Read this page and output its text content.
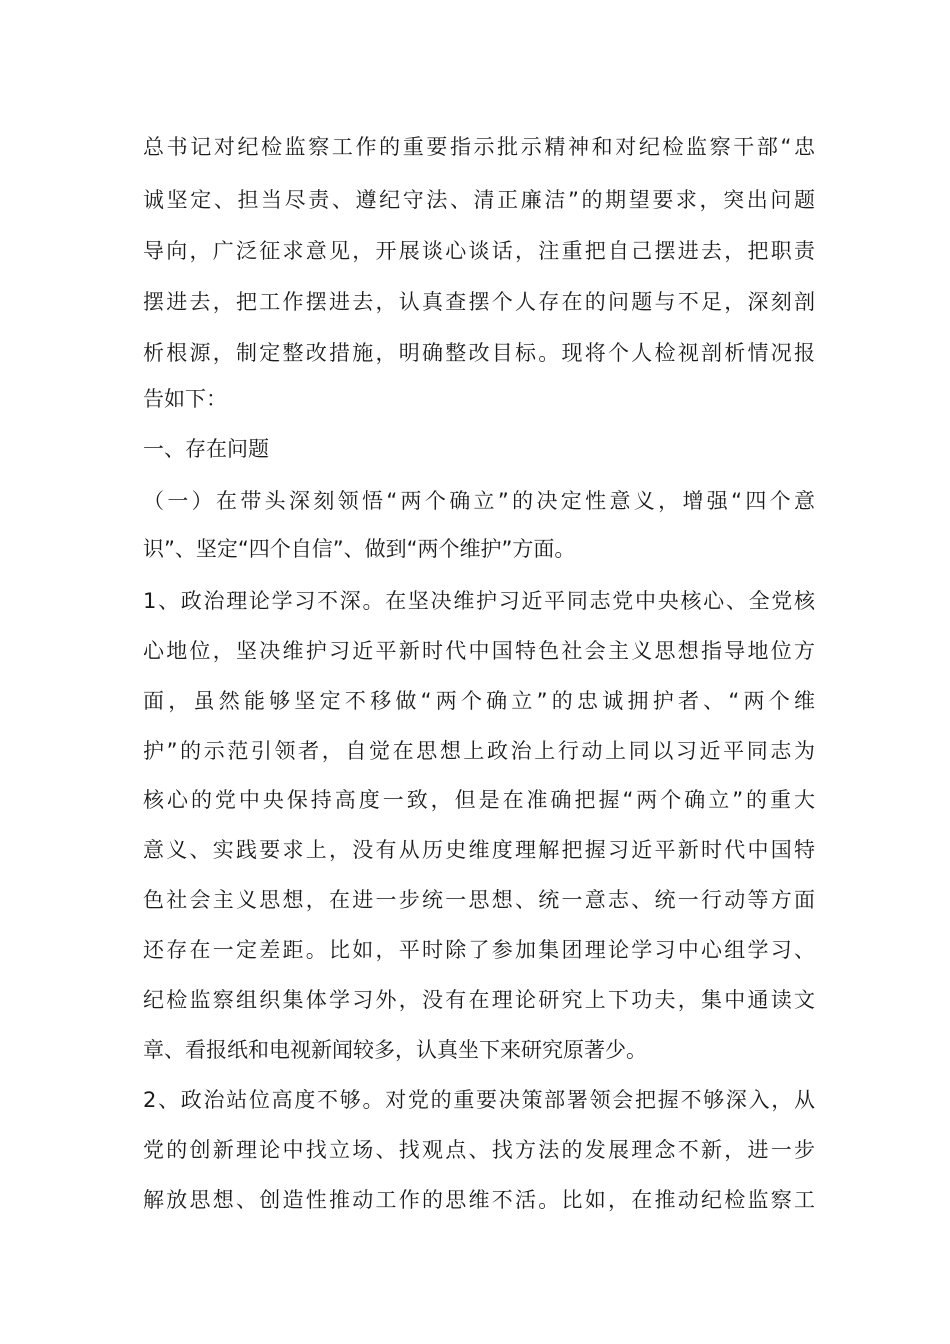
总书记对纪检监察工作的重要指示批示精神和对纪检监察干部“忠
诚坚定、担当尽责、遵纪守法、清正廉洁”的期望要求，突出问题
导向，广泛征求意见，开展谈心谈话，注重把自己摆进去，把职责
摆进去，把工作摆进去，认真查摆个人存在的问题与不足，深刻剖
析根源，制定整改措施，明确整改目标。现将个人检视剖析情况报
告如下：
一、存在问题
（一）在带头深刻领悟“两个确立”的决定性意义，增强“四个意
识”、坚定“四个自信”、做到“两个维护”方面。
1、政治理论学习不深。在坚决维护习近平同志党中央核心、全党核
心地位，坚决维护习近平新时代中国特色社会主义思想指导地位方
面，虽然能够坚定不移做“两个确立”的忠诚拥护者、“两个维
护”的示范引领者，自觉在思想上政治上行动上同以习近平同志为
核心的党中央保持高度一致，但是在准确把握“两个确立”的重大
意义、实践要求上，没有从历史维度理解把握习近平新时代中国特
色社会主义思想，在进一步统一思想、统一意志、统一行动等方面
还存在一定差距。比如，平时除了参加集团理论学习中心组学习、
纪检监察组织集体学习外，没有在理论研究上下功夫，集中通读文
章、看报纸和电视新闻较多，认真坐下来研究原著少。
2、政治站位高度不够。对党的重要决策部署领会把握不够深入，从
党的创新理论中找立场、找观点、找方法的发展理念不新，进一步
解放思想、创造性推动工作的思维不活。比如，在推动纪检监察工
